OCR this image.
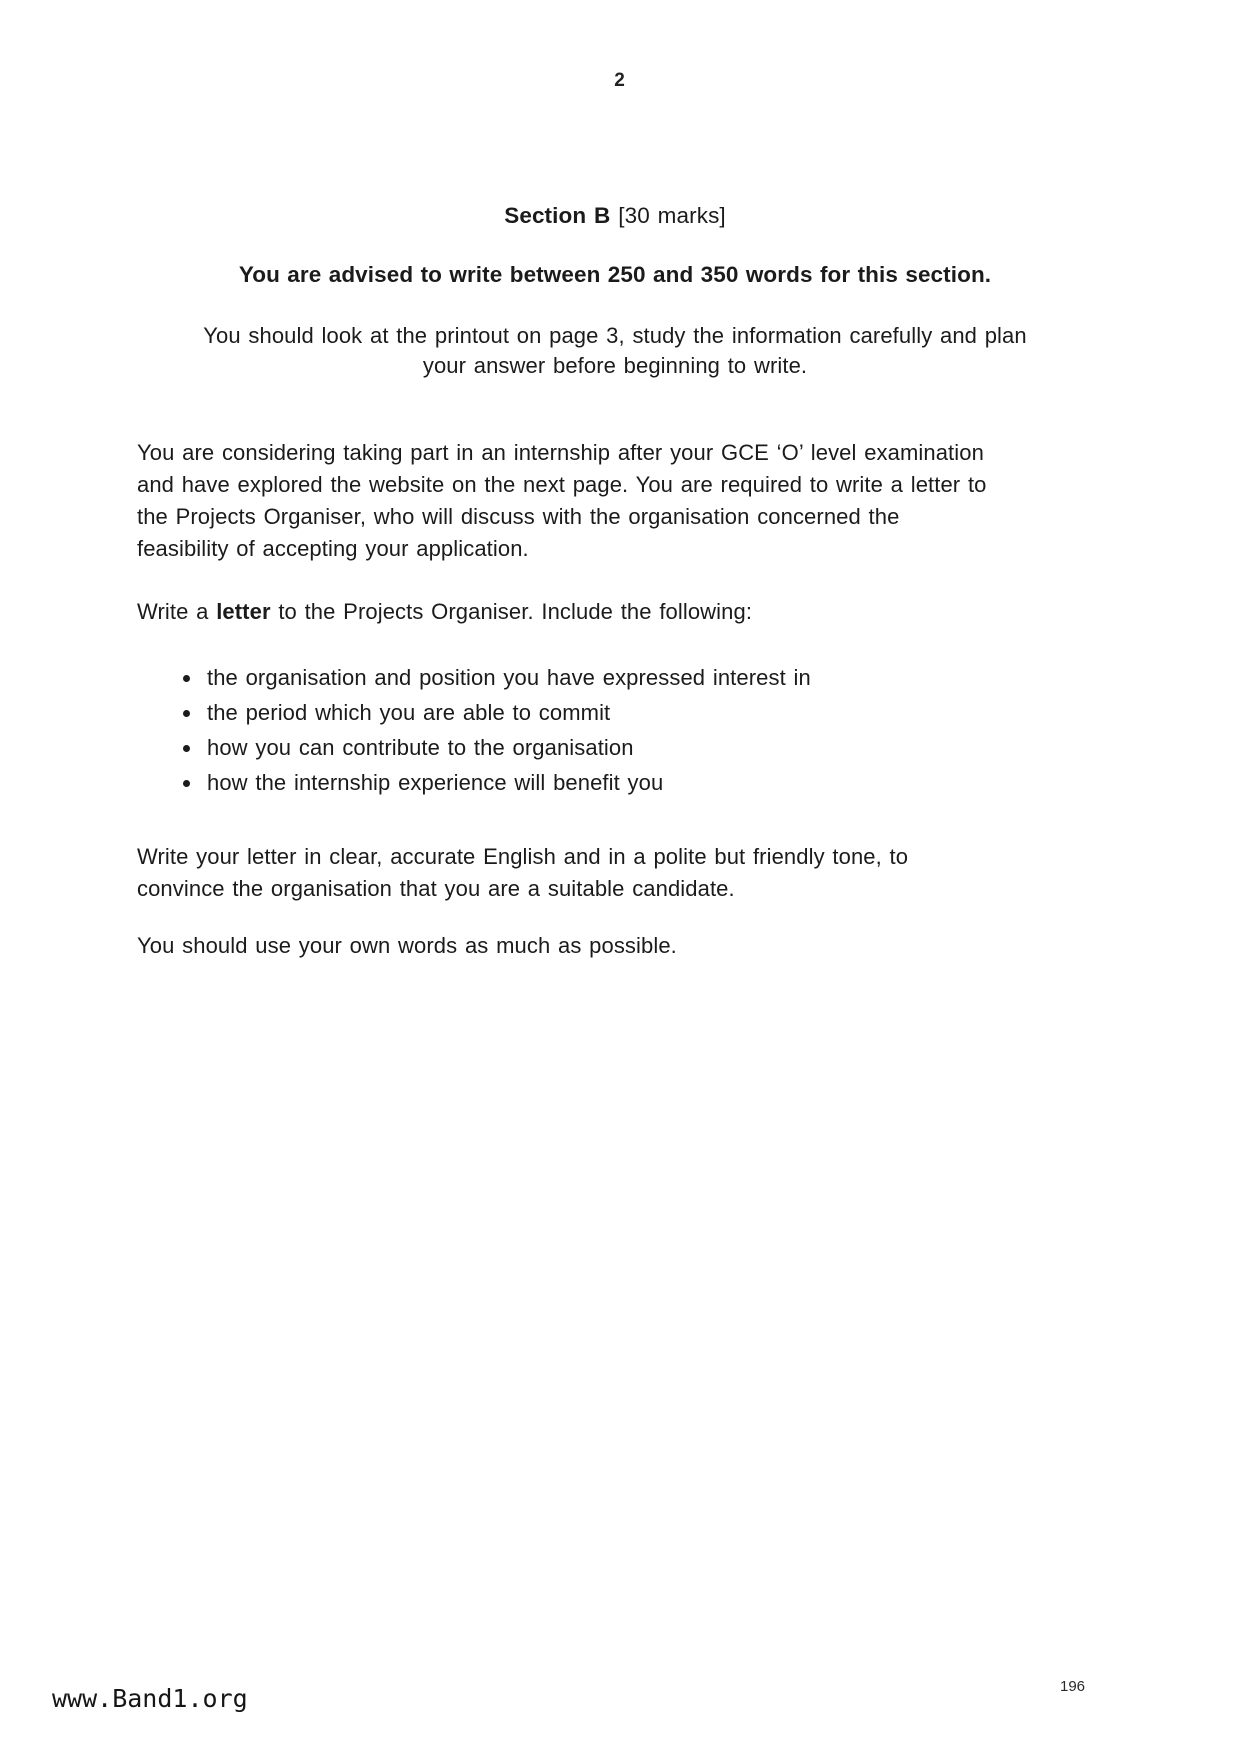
2
Section B [30 marks]
You are advised to write between 250 and 350 words for this section.
You should look at the printout on page 3, study the information carefully and plan
your answer before beginning to write.
You are considering taking part in an internship after your GCE ‘O’ level examination
and have explored the website on the next page. You are required to write a letter to
the Projects Organiser, who will discuss with the organisation concerned the
feasibility of accepting your application.
Write a letter to the Projects Organiser. Include the following:
• the organisation and position you have expressed interest in
• the period which you are able to commit
• how you can contribute to the organisation
• how the internship experience will benefit you
Write your letter in clear, accurate English and in a polite but friendly tone, to
convince the organisation that you are a suitable candidate.
You should use your own words as much as possible.
www.Band1.org	196
